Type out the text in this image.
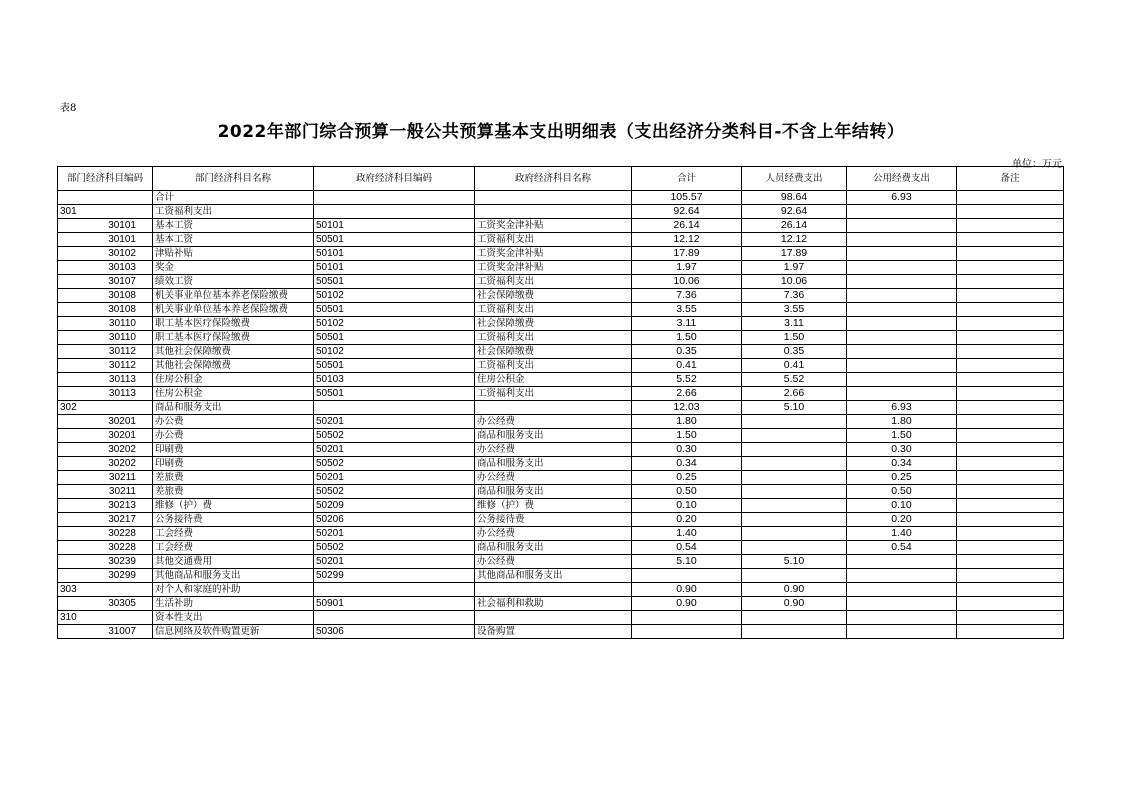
表8
2022年部门综合预算一般公共预算基本支出明细表（支出经济分类科目-不含上年结转）
单位：万元
部门经济科目编码	部门经济科目名称	政府经济科目编码	政府经济科目名称	合计	人员经费支出	公用经费支出	备注
	合计			105.57	98.64	6.93	
301	工资福利支出			92.64	92.64		
30101	基本工资	50101	工资奖金津补贴	26.14	26.14		
30101	基本工资	50501	工资福利支出	12.12	12.12		
30102	津贴补贴	50101	工资奖金津补贴	17.89	17.89		
30103	奖金	50101	工资奖金津补贴	1.97	1.97		
30107	绩效工资	50501	工资福利支出	10.06	10.06		
30108	机关事业单位基本养老保险缴费	50102	社会保障缴费	7.36	7.36		
30108	机关事业单位基本养老保险缴费	50501	工资福利支出	3.55	3.55		
30110	职工基本医疗保险缴费	50102	社会保障缴费	3.11	3.11		
30110	职工基本医疗保险缴费	50501	工资福利支出	1.50	1.50		
30112	其他社会保障缴费	50102	社会保障缴费	0.35	0.35		
30112	其他社会保障缴费	50501	工资福利支出	0.41	0.41		
30113	住房公积金	50103	住房公积金	5.52	5.52		
30113	住房公积金	50501	工资福利支出	2.66	2.66		
302	商品和服务支出			12.03	5.10	6.93	
30201	办公费	50201	办公经费	1.80		1.80	
30201	办公费	50502	商品和服务支出	1.50		1.50	
30202	印刷费	50201	办公经费	0.30		0.30	
30202	印刷费	50502	商品和服务支出	0.34		0.34	
30211	差旅费	50201	办公经费	0.25		0.25	
30211	差旅费	50502	商品和服务支出	0.50		0.50	
30213	维修（护）费	50209	维修（护）费	0.10		0.10	
30217	公务接待费	50206	公务接待费	0.20		0.20	
30228	工会经费	50201	办公经费	1.40		1.40	
30228	工会经费	50502	商品和服务支出	0.54		0.54	
30239	其他交通费用	50201	办公经费	5.10	5.10		
30299	其他商品和服务支出	50299	其他商品和服务支出				
303	对个人和家庭的补助			0.90	0.90		
30305	生活补助	50901	社会福利和救助	0.90	0.90		
310	资本性支出						
31007	信息网络及软件购置更新	50306	设备购置				
